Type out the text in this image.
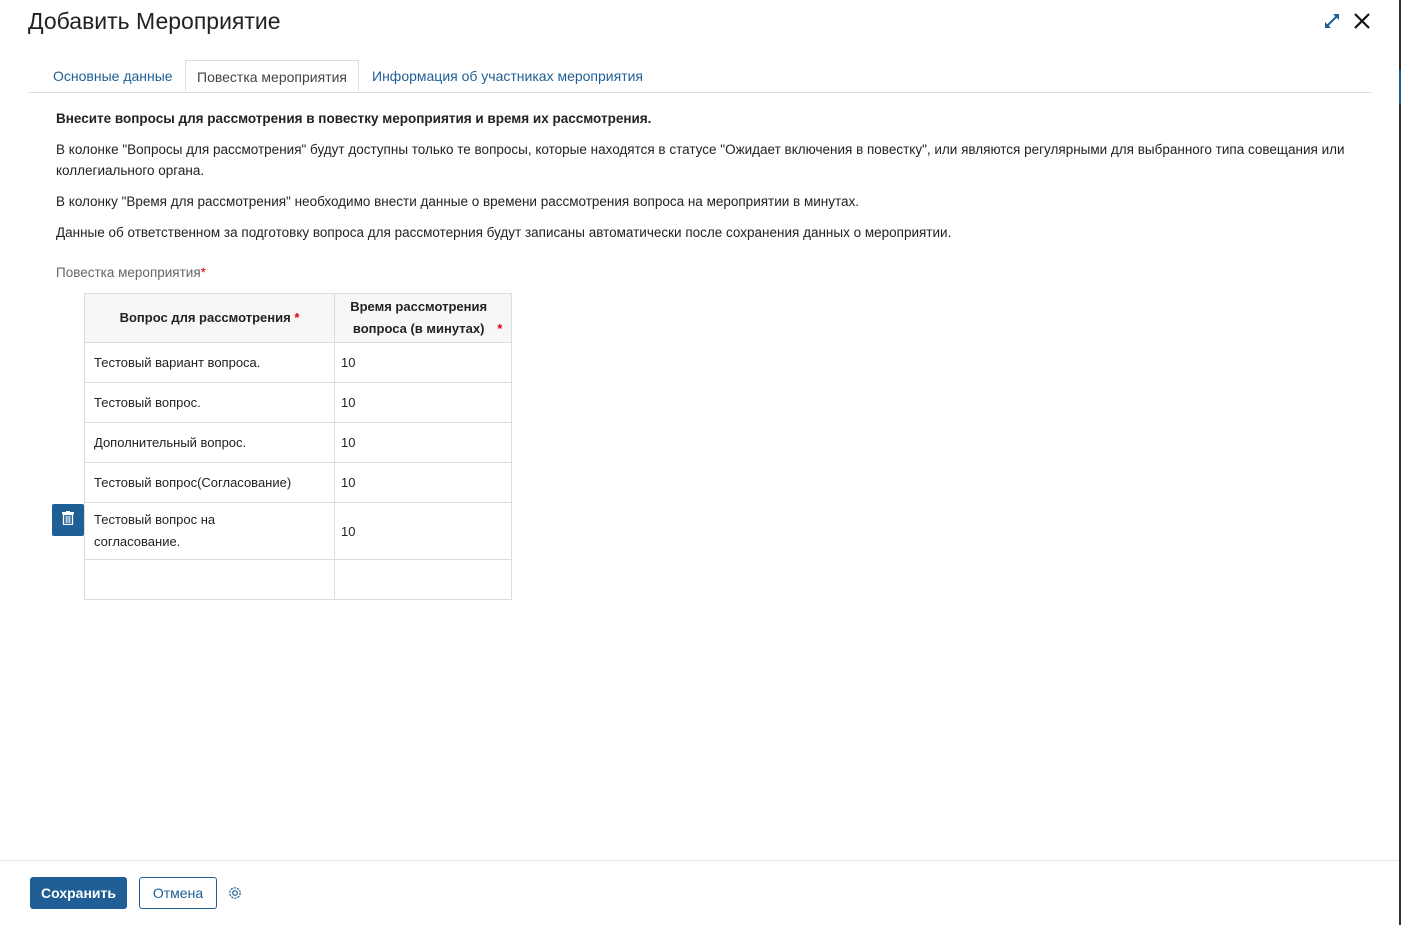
Добавить Мероприятие
Основные данные	Повестка мероприятия	Информация об участниках мероприятия

Внесите вопросы для рассмотрения в повестку мероприятия и время их рассмотрения.

В колонке "Вопросы для рассмотрения" будут доступны только те вопросы, которые находятся в статусе "Ожидает включения в повестку", или являются регулярными для выбранного типа совещания или коллегиального органа.

В колонку "Время для рассмотрения" необходимо внести данные о времени рассмотрения вопроса на мероприятии в минутах.

Данные об ответственном за подготовку вопроса для рассмотерния будут записаны автоматически после сохранения данных о мероприятии.

Повестка мероприятия*
Вопрос для рассмотрения *	Время рассмотрения вопроса (в минутах) *
Тестовый вариант вопроса.	10
Тестовый вопрос.	10
Дополнительный вопрос.	10
Тестовый вопрос(Согласование)	10
Тестовый вопрос на согласование.	10

Сохранить	Отмена
